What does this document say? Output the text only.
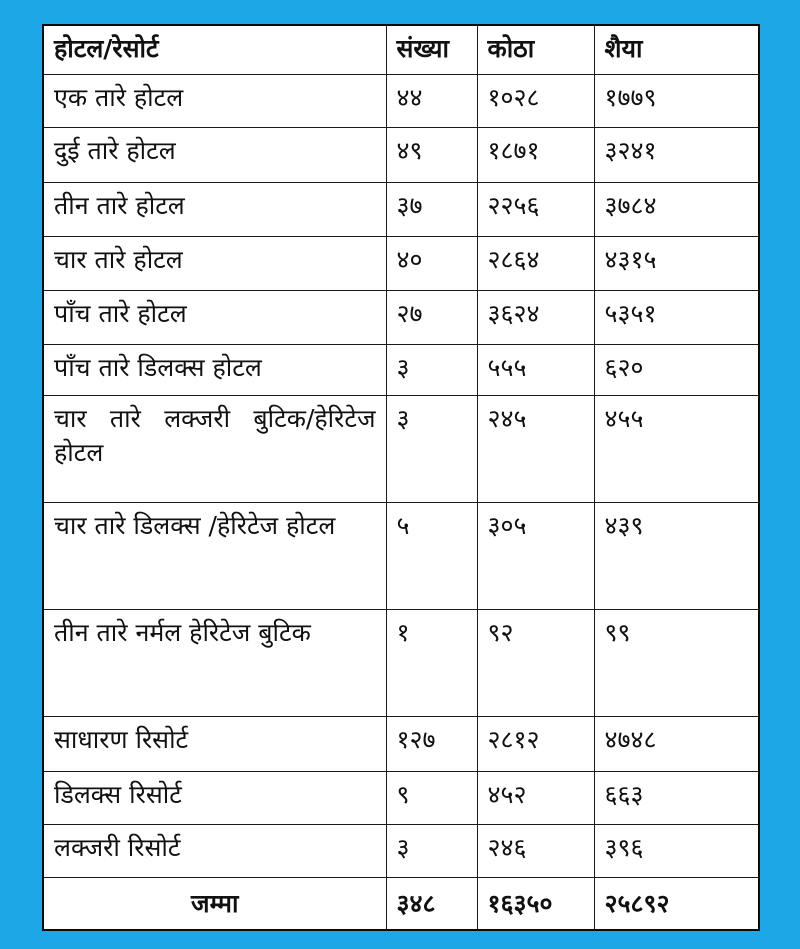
होटल/रेसोर्ट	संख्या	कोठा	शैया
एक तारे होटल	४४	१०२८	१७७९
दुई तारे होटल	४९	१८७१	३२४१
तीन तारे होटल	३७	२२५६	३७८४
चार तारे होटल	४०	२८६४	४३१५
पाँच तारे होटल	२७	३६२४	५३५१
पाँच तारे डिलक्स होटल	३	५५५	६२०
चार तारे लक्जरी बुटिक/हेरिटेज होटल	३	२४५	४५५
चार तारे डिलक्स /हेरिटेज होटल	५	३०५	४३९
तीन तारे नर्मल हेरिटेज बुटिक	१	९२	९९
साधारण रिसोर्ट	१२७	२८१२	४७४८
डिलक्स रिसोर्ट	९	४५२	६६३
लक्जरी रिसोर्ट	३	२४६	३९६
जम्मा	३४८	१६३५०	२५८९२
